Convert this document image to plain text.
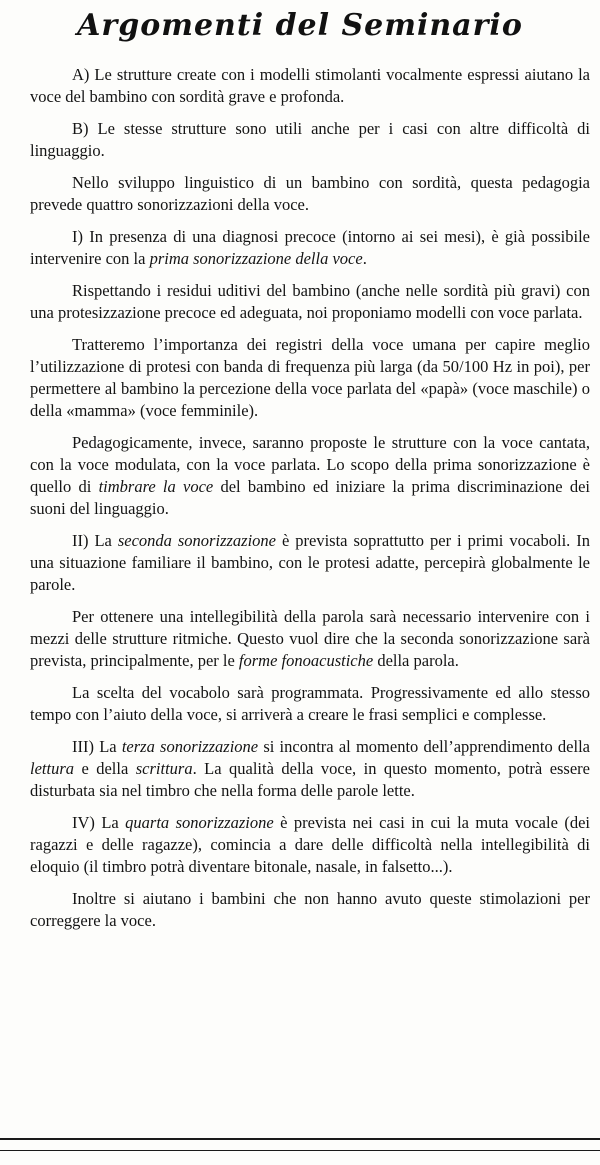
Argomenti del Seminario

A) Le strutture create con i modelli stimolanti vocalmente espressi aiutano la voce del bambino con sordità grave e profonda.

B) Le stesse strutture sono utili anche per i casi con altre difficoltà di linguaggio.

Nello sviluppo linguistico di un bambino con sordità, questa pedagogia prevede quattro sonorizzazioni della voce.

I) In presenza di una diagnosi precoce (intorno ai sei mesi), è già possibile intervenire con la prima sonorizzazione della voce.

Rispettando i residui uditivi del bambino (anche nelle sordità più gravi) con una protesizzazione precoce ed adeguata, noi proponiamo modelli con voce parlata.

Tratteremo l’importanza dei registri della voce umana per capire meglio l’utilizzazione di protesi con banda di frequenza più larga (da 50/100 Hz in poi), per permettere al bambino la percezione della voce parlata del «papà» (voce maschile) o della «mamma» (voce femminile).

Pedagogicamente, invece, saranno proposte le strutture con la voce cantata, con la voce modulata, con la voce parlata. Lo scopo della prima sonorizzazione è quello di timbrare la voce del bambino ed iniziare la prima discriminazione dei suoni del linguaggio.

II) La seconda sonorizzazione è prevista soprattutto per i primi vocaboli. In una situazione familiare il bambino, con le protesi adatte, percepirà globalmente le parole.

Per ottenere una intellegibilità della parola sarà necessario intervenire con i mezzi delle strutture ritmiche. Questo vuol dire che la seconda sonorizzazione sarà prevista, principalmente, per le forme fonoacustiche della parola.

La scelta del vocabolo sarà programmata. Progressivamente ed allo stesso tempo con l’aiuto della voce, si arriverà a creare le frasi semplici e complesse.

III) La terza sonorizzazione si incontra al momento dell’apprendimento della lettura e della scrittura. La qualità della voce, in questo momento, potrà essere disturbata sia nel timbro che nella forma delle parole lette.

IV) La quarta sonorizzazione è prevista nei casi in cui la muta vocale (dei ragazzi e delle ragazze), comincia a dare delle difficoltà nella intellegibilità di eloquio (il timbro potrà diventare bitonale, nasale, in falsetto...).

Inoltre si aiutano i bambini che non hanno avuto queste stimolazioni per correggere la voce.
